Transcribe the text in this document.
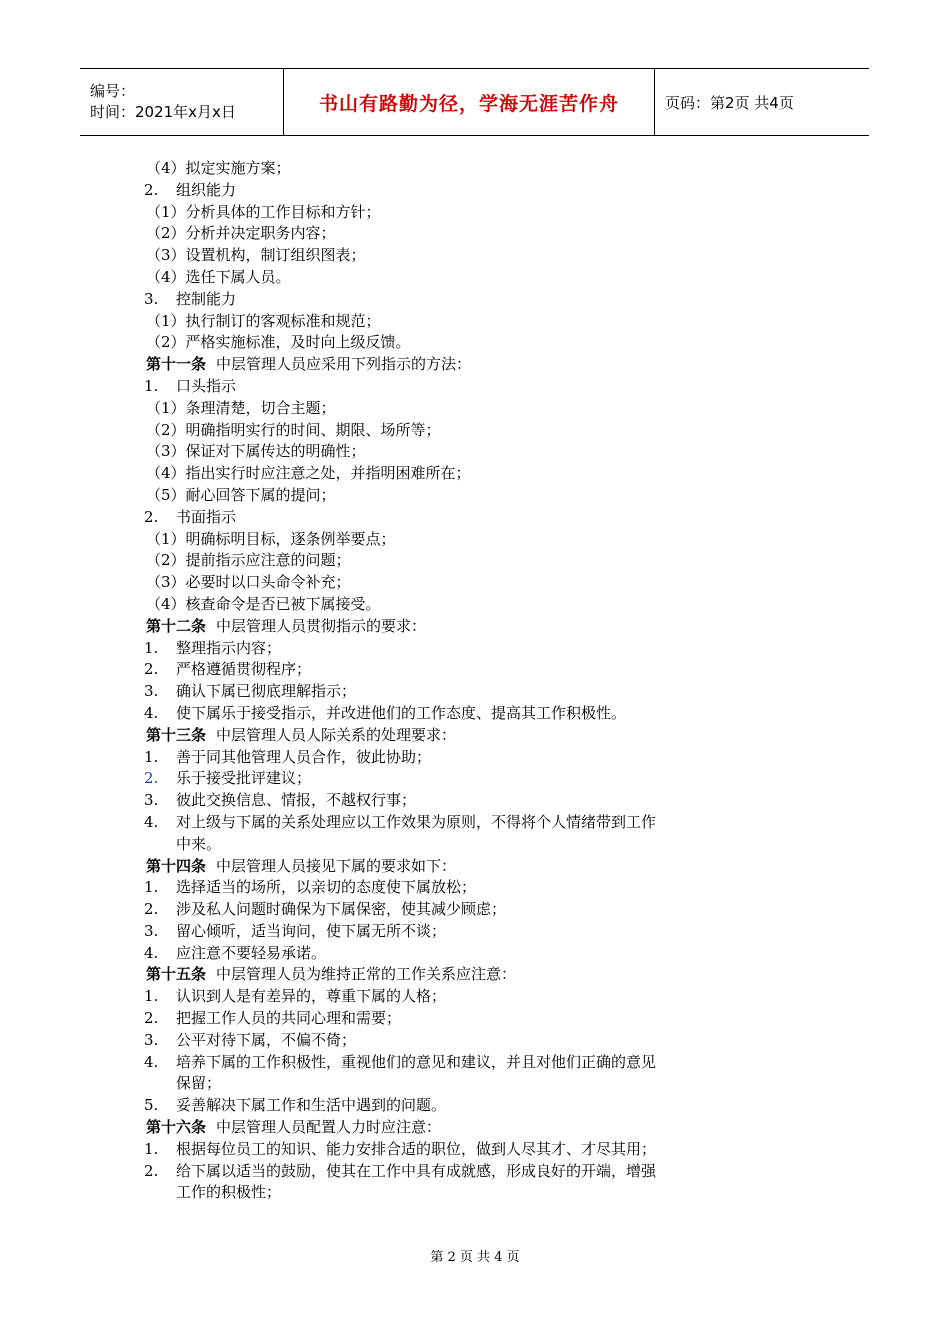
编号：
时间：2021年x月x日	书山有路勤为径，学海无涯苦作舟	页码：第2页 共4页
（4）拟定实施方案；
2. 组织能力
（1）分析具体的工作目标和方针；
（2）分析并决定职务内容；
（3）设置机构，制订组织图表；
（4）选任下属人员。
3. 控制能力
（1）执行制订的客观标准和规范；
（2）严格实施标准，及时向上级反馈。
第十一条 中层管理人员应采用下列指示的方法：
1. 口头指示
（1）条理清楚，切合主题；
（2）明确指明实行的时间、期限、场所等；
（3）保证对下属传达的明确性；
（4）指出实行时应注意之处，并指明困难所在；
（5）耐心回答下属的提问；
2. 书面指示
（1）明确标明目标，逐条例举要点；
（2）提前指示应注意的问题；
（3）必要时以口头命令补充；
（4）核查命令是否已被下属接受。
第十二条 中层管理人员贯彻指示的要求：
1. 整理指示内容；
2. 严格遵循贯彻程序；
3. 确认下属已彻底理解指示；
4. 使下属乐于接受指示，并改进他们的工作态度、提高其工作积极性。
第十三条 中层管理人员人际关系的处理要求：
1. 善于同其他管理人员合作，彼此协助；
2. 乐于接受批评建议；
3. 彼此交换信息、情报，不越权行事；
4. 对上级与下属的关系处理应以工作效果为原则，不得将个人情绪带到工作
中来。
第十四条 中层管理人员接见下属的要求如下：
1. 选择适当的场所，以亲切的态度使下属放松；
2. 涉及私人问题时确保为下属保密，使其减少顾虑；
3. 留心倾听，适当询问，使下属无所不谈；
4. 应注意不要轻易承诺。
第十五条 中层管理人员为维持正常的工作关系应注意：
1. 认识到人是有差异的，尊重下属的人格；
2. 把握工作人员的共同心理和需要；
3. 公平对待下属，不偏不倚；
4. 培养下属的工作积极性，重视他们的意见和建议，并且对他们正确的意见
保留；
5. 妥善解决下属工作和生活中遇到的问题。
第十六条 中层管理人员配置人力时应注意：
1. 根据每位员工的知识、能力安排合适的职位，做到人尽其才、才尽其用；
2. 给下属以适当的鼓励，使其在工作中具有成就感，形成良好的开端，增强
工作的积极性；
第 2 页 共 4 页
